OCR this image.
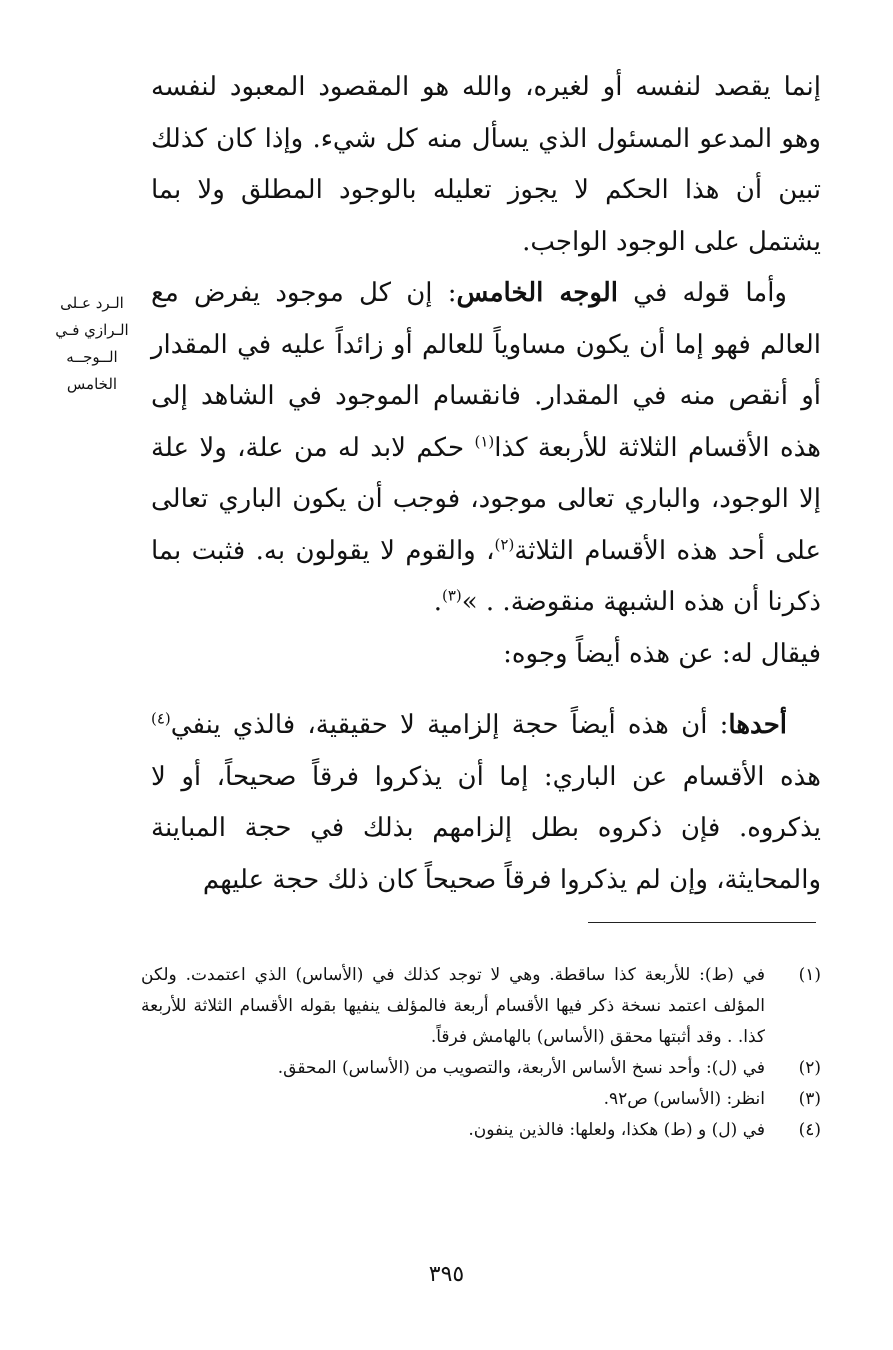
إنما يقصد لنفسه أو لغيره، والله هو المقصود المعبود لنفسه وهو المدعو المسئول الذي يسأل منه كل شيء. وإذا كان كذلك تبين أن هذا الحكم لا يجوز تعليله بالوجود المطلق ولا بما يشتمل على الوجود الواجب.

وأما قوله في الوجه الخامس: إن كل موجود يفرض مع العالم فهو إما أن يكون مساوياً للعالم أو زائداً عليه في المقدار أو أنقص منه في المقدار. فانقسام الموجود في الشاهد إلى هذه الأقسام الثلاثة للأربعة كذا$^{(١)}$ حكم لابد له من علة، ولا علة إلا الوجود، والباري تعالى موجود، فوجب أن يكون الباري تعالى على أحد هذه الأقسام الثلاثة$^{(٢)}$، والقوم لا يقولون به. فثبت بما ذكرنا أن هذه الشبهة منقوضة. . »$^{(٣)}$.

فيقال له: عن هذه أيضاً وجوه:

أحدها: أن هذه أيضاً حجة إلزامية لا حقيقية، فالذي ينفي$^{(٤)}$ هذه الأقسام عن الباري: إما أن يذكروا فرقاً صحيحاً، أو لا يذكروه. فإن ذكروه بطل إلزامهم بذلك في حجة المباينة والمحايثة، وإن لم يذكروا فرقاً صحيحاً كان ذلك حجة عليهم

الـرد عـلى
الـرازي فـي
الــوجــه
الخامس
(١)
في (ط): للأربعة كذا ساقطة. وهي لا توجد كذلك في (الأساس) الذي اعتمدت. ولكن المؤلف اعتمد نسخة ذكر فيها الأقسام أربعة فالمؤلف ينفيها بقوله الأقسام الثلاثة للأربعة كذا. . وقد أثبتها محقق (الأساس) بالهامش فرقاً.
(٢)
في (ل): وأحد نسخ الأساس الأربعة، والتصويب من (الأساس) المحقق.
(٣)
انظر: (الأساس) ص٩٢.
(٤)
في (ل) و (ط) هكذا، ولعلها: فالذين ينفون.
٣٩٥
